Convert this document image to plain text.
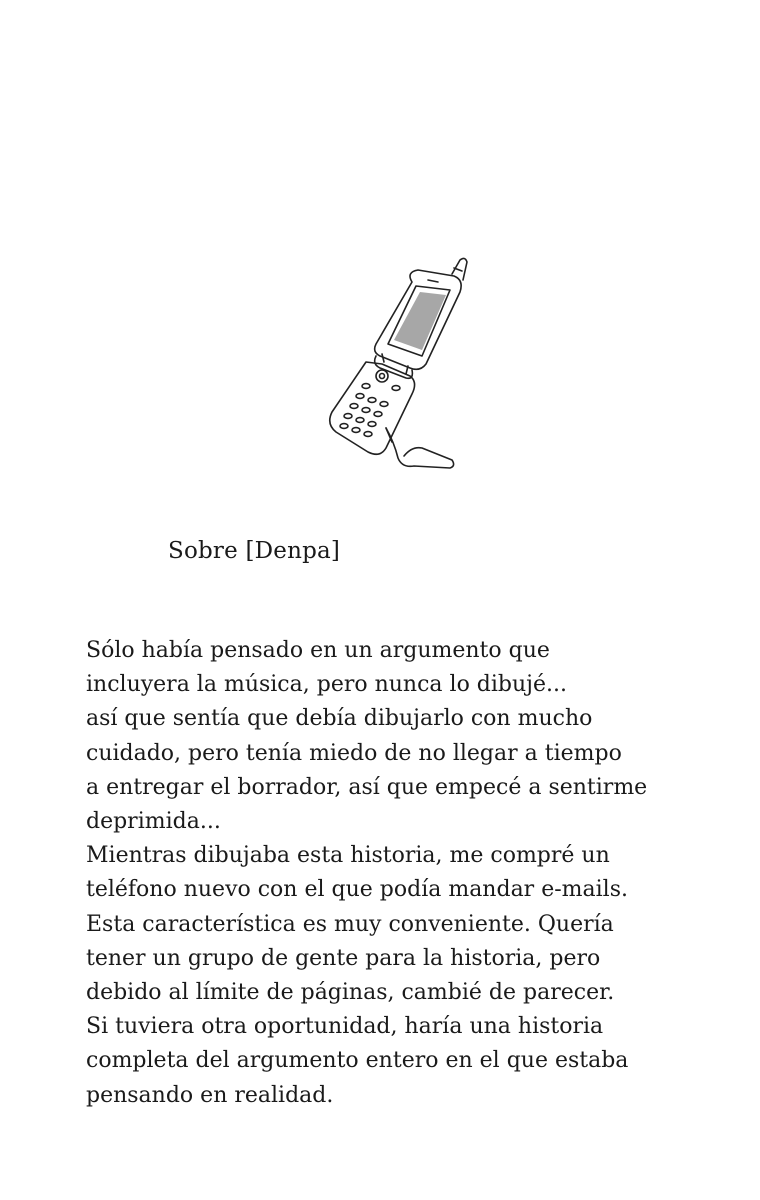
Sobre [Denpa]
Sólo había pensado en un argumento que
incluyera la música, pero nunca lo dibujé...
así que sentía que debía dibujarlo con mucho
cuidado, pero tenía miedo de no llegar a tiempo
a entregar el borrador, así que empecé a sentirme
deprimida...
Mientras dibujaba esta historia, me compré un
teléfono nuevo con el que podía mandar e-mails.
Esta característica es muy conveniente. Quería
tener un grupo de gente para la historia, pero
debido al límite de páginas, cambié de parecer.
Si tuviera otra oportunidad, haría una historia
completa del argumento entero en el que estaba
pensando en realidad.
